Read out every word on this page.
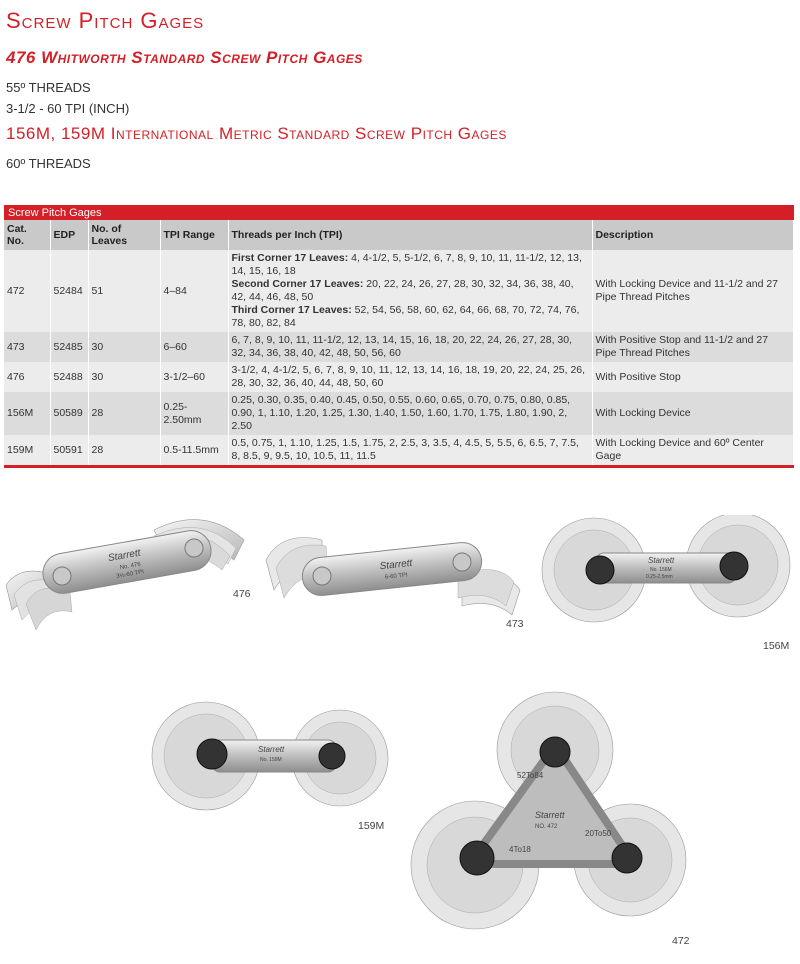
Screw Pitch Gages
476 Whitworth Standard Screw Pitch Gages
55º THREADS
3-1/2 - 60 TPI (INCH)
156M, 159M International Metric Standard Screw Pitch Gages
60º THREADS
Screw Pitch Gages
Cat. No.	EDP	No. of Leaves	TPI Range	Threads per Inch (TPI)	Description
472	52484	51	4–84	First Corner 17 Leaves: 4, 4-1/2, 5, 5-1/2, 6, 7, 8, 9, 10, 11, 11-1/2, 12, 13, 14, 15, 16, 18
Second Corner 17 Leaves: 20, 22, 24, 26, 27, 28, 30, 32, 34, 36, 38, 40, 42, 44, 46, 48, 50
Third Corner 17 Leaves: 52, 54, 56, 58, 60, 62, 64, 66, 68, 70, 72, 74, 76, 78, 80, 82, 84	With Locking Device and 11-1/2 and 27 Pipe Thread Pitches
473	52485	30	6–60	6, 7, 8, 9, 10, 11, 11-1/2, 12, 13, 14, 15, 16, 18, 20, 22, 24, 26, 27, 28, 30, 32, 34, 36, 38, 40, 42, 48, 50, 56, 60	With Positive Stop and 11-1/2 and 27 Pipe Thread Pitches
476	52488	30	3-1/2–60	3-1/2, 4, 4-1/2, 5, 6, 7, 8, 9, 10, 11, 12, 13, 14, 16, 18, 19, 20, 22, 24, 25, 26, 28, 30, 32, 36, 40, 44, 48, 50, 60	With Positive Stop
156M	50589	28	0.25-2.50mm	0.25, 0.30, 0.35, 0.40, 0.45, 0.50, 0.55, 0.60, 0.65, 0.70, 0.75, 0.80, 0.85, 0.90, 1, 1.10, 1.20, 1.25, 1.30, 1.40, 1.50, 1.60, 1.70, 1.75, 1.80, 1.90, 2, 2.50	With Locking Device
159M	50591	28	0.5-11.5mm	0.5, 0.75, 1, 1.10, 1.25, 1.5, 1.75, 2, 2.5, 3, 3.5, 4, 4.5, 5, 5.5, 6, 6.5, 7, 7.5, 8, 8.5, 9, 9.5, 10, 10.5, 11, 11.5	With Locking Device and 60º Center Gage
Starrett
No. 476
3½-60 TPI
476
Starrett
6-60 TPI
473
Starrett
No. 156M
0.25-2.5mm
156M
Starrett
No. 159M
159M
Starrett
NO. 472
52To84
20To50
4To18
472
